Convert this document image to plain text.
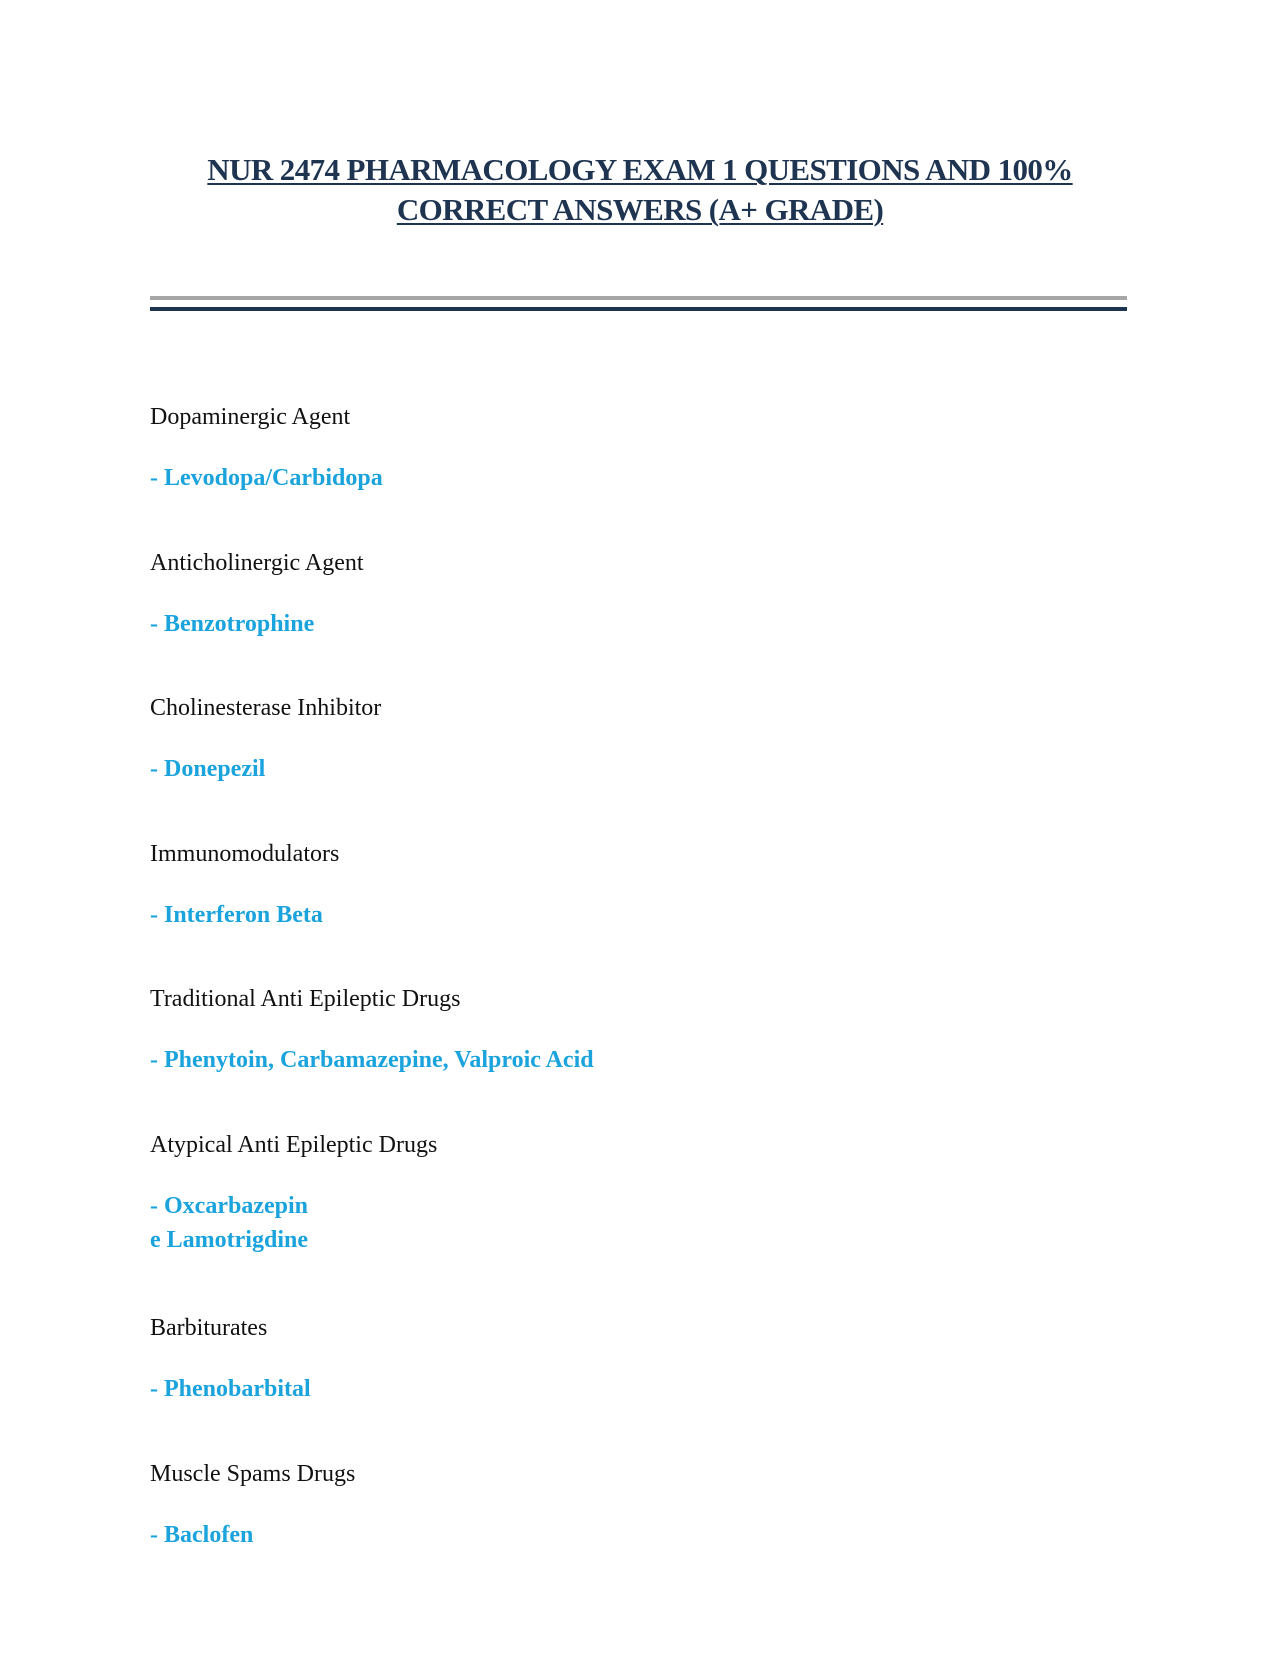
NUR 2474 PHARMACOLOGY EXAM 1 QUESTIONS AND 100%
CORRECT ANSWERS (A+ GRADE)

Dopaminergic Agent

- Levodopa/Carbidopa

Anticholinergic Agent

- Benzotrophine

Cholinesterase Inhibitor

- Donepezil

Immunomodulators

- Interferon Beta

Traditional Anti Epileptic Drugs

- Phenytoin, Carbamazepine, Valproic Acid

Atypical Anti Epileptic Drugs

- Oxcarbazepin
e Lamotrigdine

Barbiturates

- Phenobarbital

Muscle Spams Drugs

- Baclofen
